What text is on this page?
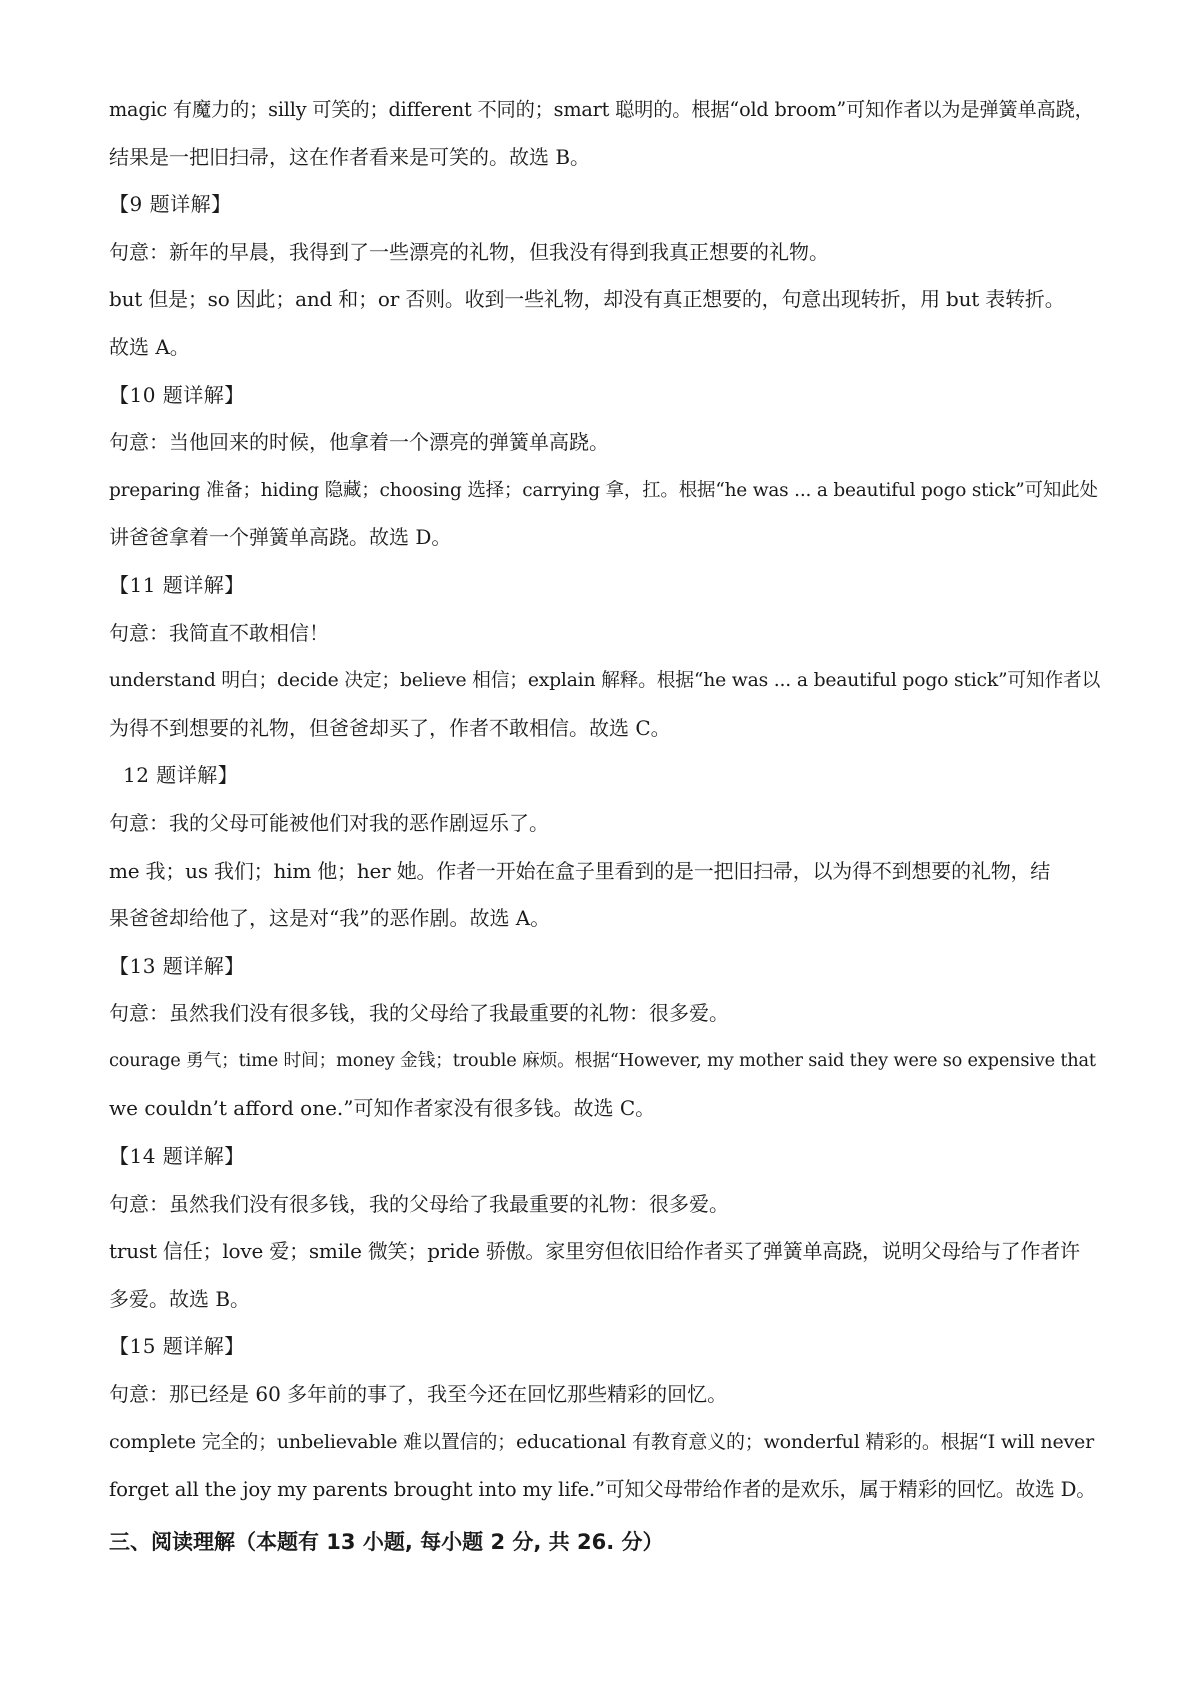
magic 有魔力的；silly 可笑的；different 不同的；smart 聪明的。根据“old broom”可知作者以为是弹簧单高跷，
结果是一把旧扫帚，这在作者看来是可笑的。故选 B。
【9 题详解】
句意：新年的早晨，我得到了一些漂亮的礼物，但我没有得到我真正想要的礼物。
but 但是；so 因此；and 和；or 否则。收到一些礼物，却没有真正想要的，句意出现转折，用 but 表转折。
故选 A。
【10 题详解】
句意：当他回来的时候，他拿着一个漂亮的弹簧单高跷。
preparing 准备；hiding 隐藏；choosing 选择；carrying 拿，扛。根据“he was ... a beautiful pogo stick”可知此处
讲爸爸拿着一个弹簧单高跷。故选 D。
【11 题详解】
句意：我简直不敢相信！
understand 明白；decide 决定；believe 相信；explain 解释。根据“he was ... a beautiful pogo stick”可知作者以
为得不到想要的礼物，但爸爸却买了，作者不敢相信。故选 C。
12 题详解】
句意：我的父母可能被他们对我的恶作剧逗乐了。
me 我；us 我们；him 他；her 她。作者一开始在盒子里看到的是一把旧扫帚，以为得不到想要的礼物，结
果爸爸却给他了，这是对“我”的恶作剧。故选 A。
【13 题详解】
句意：虽然我们没有很多钱，我的父母给了我最重要的礼物：很多爱。
courage 勇气；time 时间；money 金钱；trouble 麻烦。根据“However, my mother said they were so expensive that
we couldn’t afford one.”可知作者家没有很多钱。故选 C。
【14 题详解】
句意：虽然我们没有很多钱，我的父母给了我最重要的礼物：很多爱。
trust 信任；love 爱；smile 微笑；pride 骄傲。家里穷但依旧给作者买了弹簧单高跷，说明父母给与了作者许
多爱。故选 B。
【15 题详解】
句意：那已经是 60 多年前的事了，我至今还在回忆那些精彩的回忆。
complete 完全的；unbelievable 难以置信的；educational 有教育意义的；wonderful 精彩的。根据“I will never
forget all the joy my parents brought into my life.”可知父母带给作者的是欢乐，属于精彩的回忆。故选 D。
三、阅读理解（本题有 13 小题, 每小题 2 分, 共 26. 分）
